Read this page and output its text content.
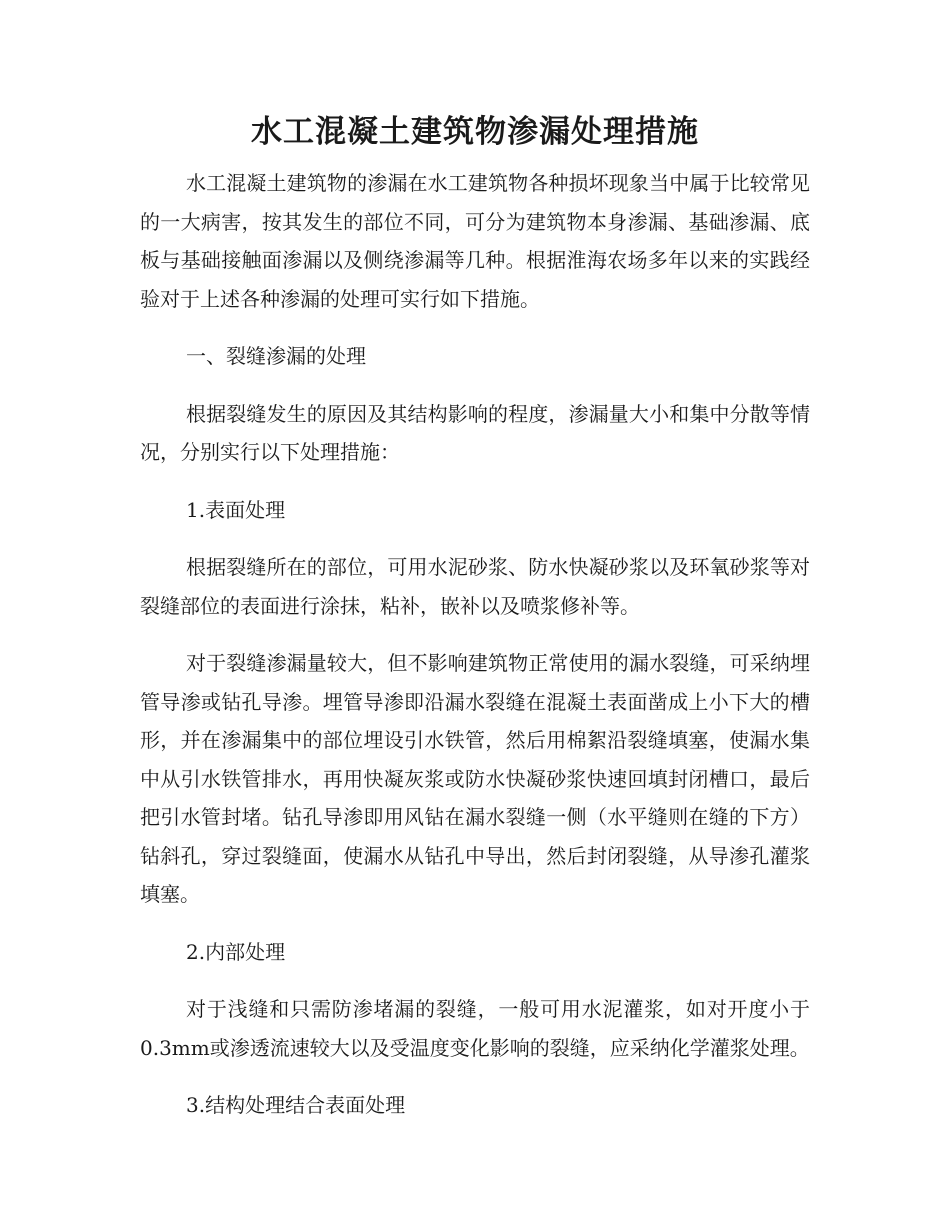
水工混凝土建筑物渗漏处理措施

水工混凝土建筑物的渗漏在水工建筑物各种损坏现象当中属于比较常见的一大病害，按其发生的部位不同，可分为建筑物本身渗漏、基础渗漏、底板与基础接触面渗漏以及侧绕渗漏等几种。根据淮海农场多年以来的实践经验对于上述各种渗漏的处理可实行如下措施。

一、裂缝渗漏的处理

根据裂缝发生的原因及其结构影响的程度，渗漏量大小和集中分散等情况，分别实行以下处理措施：

1.表面处理

根据裂缝所在的部位，可用水泥砂浆、防水快凝砂浆以及环氧砂浆等对裂缝部位的表面进行涂抹，粘补，嵌补以及喷浆修补等。

对于裂缝渗漏量较大，但不影响建筑物正常使用的漏水裂缝，可采纳埋管导渗或钻孔导渗。埋管导渗即沿漏水裂缝在混凝土表面凿成上小下大的槽形，并在渗漏集中的部位埋设引水铁管，然后用棉絮沿裂缝填塞，使漏水集中从引水铁管排水，再用快凝灰浆或防水快凝砂浆快速回填封闭槽口，最后把引水管封堵。钻孔导渗即用风钻在漏水裂缝一侧（水平缝则在缝的下方）钻斜孔，穿过裂缝面，使漏水从钻孔中导出，然后封闭裂缝，从导渗孔灌浆填塞。

2.内部处理

对于浅缝和只需防渗堵漏的裂缝，一般可用水泥灌浆，如对开度小于0.3mm或渗透流速较大以及受温度变化影响的裂缝，应采纳化学灌浆处理。

3.结构处理结合表面处理
